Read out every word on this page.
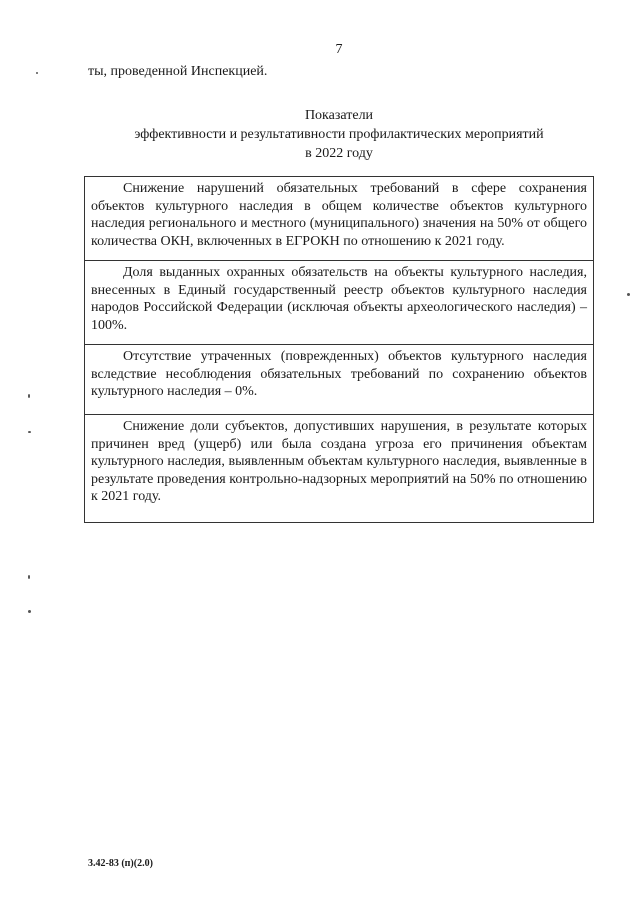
7
ты, проведенной Инспекцией.
Показатели
эффективности и результативности профилактических мероприятий
в 2022 году
Снижение нарушений обязательных требований в сфере сохранения объектов культурного наследия в общем количестве объектов культурного наследия регионального и местного (муниципального) значения на 50% от общего количества ОКН, включенных в ЕГРОКН по отношению к 2021 году.
Доля выданных охранных обязательств на объекты культурного наследия, внесенных в Единый государственный реестр объектов культурного наследия народов Российской Федерации (исключая объекты археологического наследия) – 100%.
Отсутствие утраченных (поврежденных) объектов культурного наследия вследствие несоблюдения обязательных требований по сохранению объектов культурного наследия – 0%.
Снижение доли субъектов, допустивших нарушения, в результате которых причинен вред (ущерб) или была создана угроза его причинения объектам культурного наследия, выявленным объектам культурного наследия, выявленные в результате проведения контрольно-надзорных мероприятий на 50% по отношению к 2021 году.
3.42-83 (п)(2.0)
